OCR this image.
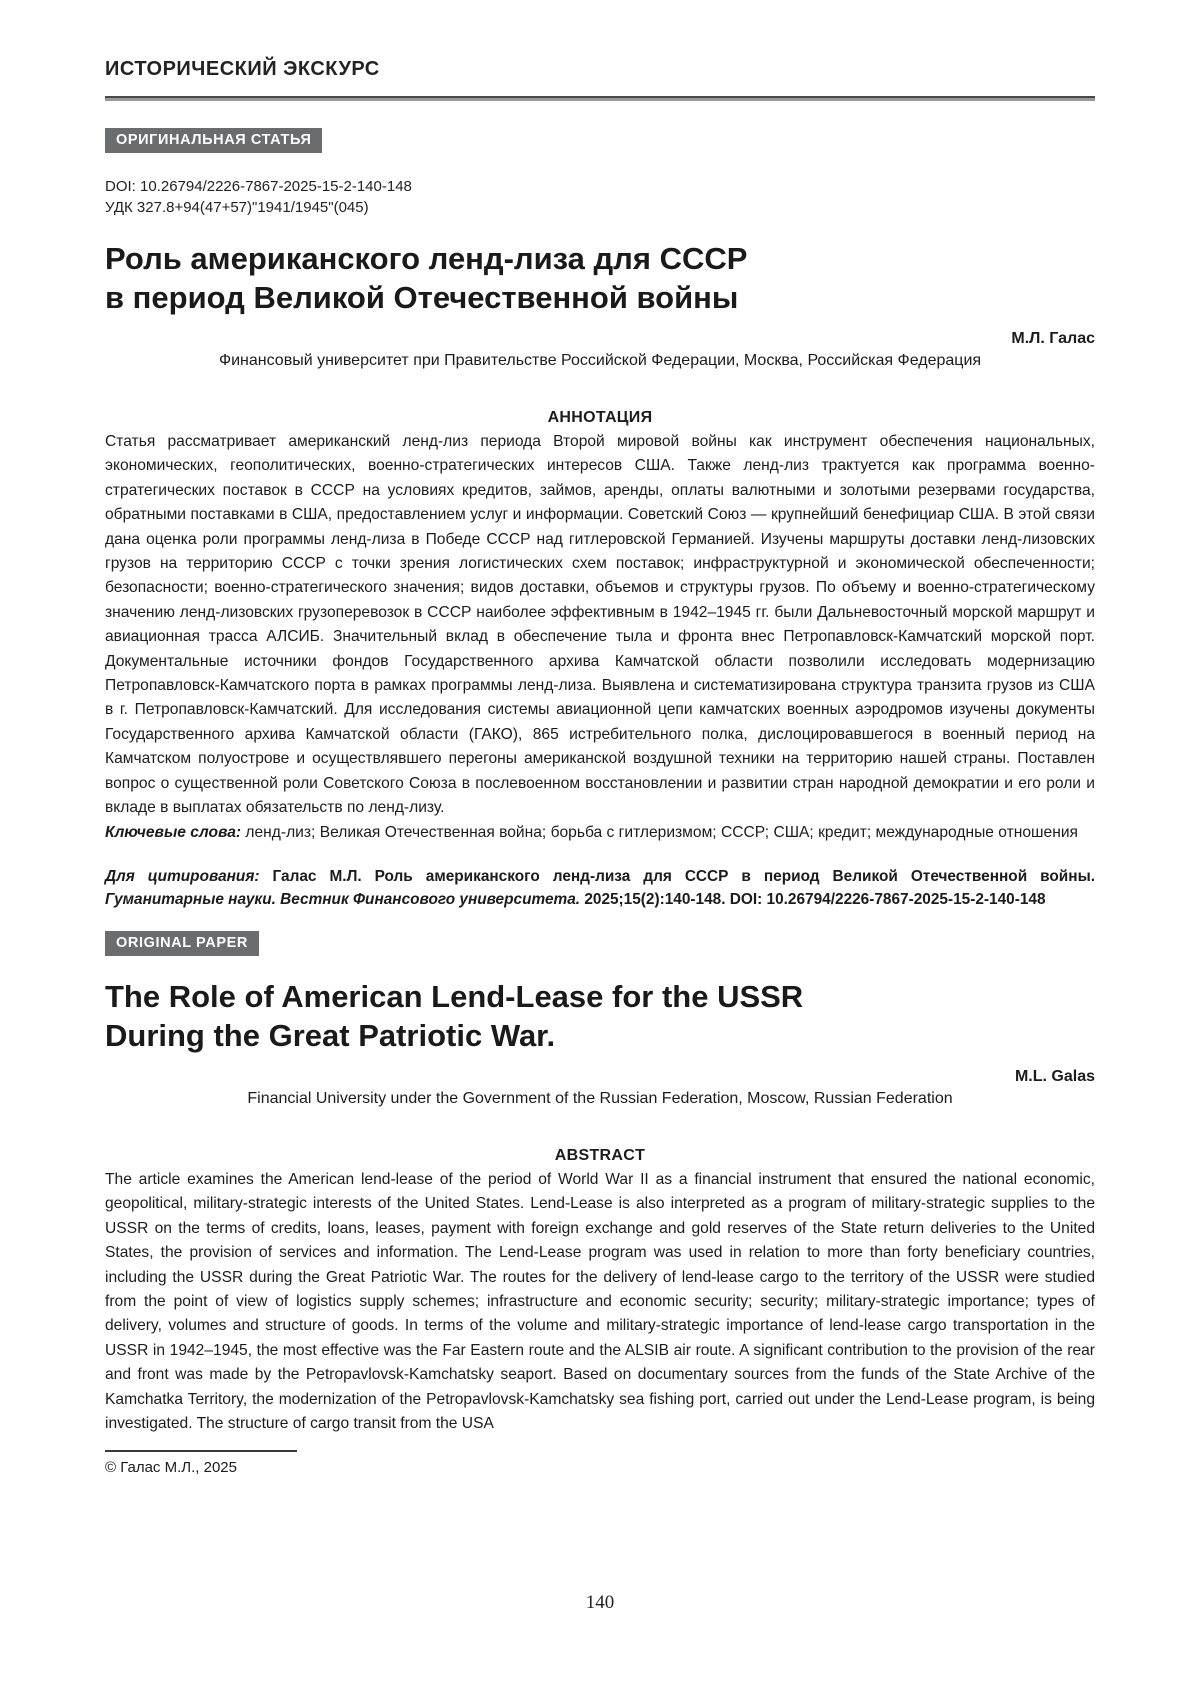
ИСТОРИЧЕСКИЙ ЭКСКУРС
ОРИГИНАЛЬНАЯ СТАТЬЯ
DOI: 10.26794/2226-7867-2025-15-2-140-148
УДК 327.8+94(47+57)"1941/1945"(045)
Роль американского ленд-лиза для СССР
в период Великой Отечественной войны
М.Л. Галас
Финансовый университет при Правительстве Российской Федерации, Москва, Российская Федерация
АННОТАЦИЯ

Статья рассматривает американский ленд-лиз периода Второй мировой войны как инструмент обеспечения национальных, экономических, геополитических, военно-стратегических интересов США. Также ленд-лиз трактуется как программа военно-стратегических поставок в СССР на условиях кредитов, займов, аренды, оплаты валютными и золотыми резервами государства, обратными поставками в США, предоставлением услуг и информации. Советский Союз — крупнейший бенефициар США. В этой связи дана оценка роли программы ленд-лиза в Победе СССР над гитлеровской Германией. Изучены маршруты доставки ленд-лизовских грузов на территорию СССР с точки зрения логистических схем поставок; инфраструктурной и экономической обеспеченности; безопасности; военно-стратегического значения; видов доставки, объемов и структуры грузов. По объему и военно-стратегическому значению ленд-лизовских грузоперевозок в СССР наиболее эффективным в 1942–1945 гг. были Дальневосточный морской маршрут и авиационная трасса АЛСИБ. Значительный вклад в обеспечение тыла и фронта внес Петропавловск-Камчатский морской порт. Документальные источники фондов Государственного архива Камчатской области позволили исследовать модернизацию Петропавловск-Камчатского порта в рамках программы ленд-лиза. Выявлена и систематизирована структура транзита грузов из США в г. Петропавловск-Камчатский. Для исследования системы авиационной цепи камчатских военных аэродромов изучены документы Государственного архива Камчатской области (ГАКО), 865 истребительного полка, дислоцировавшегося в военный период на Камчатском полуострове и осуществлявшего перегоны американской воздушной техники на территорию нашей страны. Поставлен вопрос о существенной роли Советского Союза в послевоенном восстановлении и развитии стран народной демократии и его роли и вкладе в выплатах обязательств по ленд-лизу.

Ключевые слова: ленд-лиз; Великая Отечественная война; борьба с гитлеризмом; СССР; США; кредит; международные отношения

Для цитирования: Галас М.Л. Роль американского ленд-лиза для СССР в период Великой Отечественной войны. Гуманитарные науки. Вестник Финансового университета. 2025;15(2):140-148. DOI: 10.26794/2226-7867-2025-15-2-140-148

ORIGINAL PAPER
The Role of American Lend-Lease for the USSR
During the Great Patriotic War.
M.L. Galas
Financial University under the Government of the Russian Federation, Moscow, Russian Federation
ABSTRACT

The article examines the American lend-lease of the period of World War II as a financial instrument that ensured the national economic, geopolitical, military-strategic interests of the United States. Lend-Lease is also interpreted as a program of military-strategic supplies to the USSR on the terms of credits, loans, leases, payment with foreign exchange and gold reserves of the State return deliveries to the United States, the provision of services and information. The Lend-Lease program was used in relation to more than forty beneficiary countries, including the USSR during the Great Patriotic War. The routes for the delivery of lend-lease cargo to the territory of the USSR were studied from the point of view of logistics supply schemes; infrastructure and economic security; security; military-strategic importance; types of delivery, volumes and structure of goods. In terms of the volume and military-strategic importance of lend-lease cargo transportation in the USSR in 1942–1945, the most effective was the Far Eastern route and the ALSIB air route. A significant contribution to the provision of the rear and front was made by the Petropavlovsk-Kamchatsky seaport. Based on documentary sources from the funds of the State Archive of the Kamchatka Territory, the modernization of the Petropavlovsk-Kamchatsky sea fishing port, carried out under the Lend-Lease program, is being investigated. The structure of cargo transit from the USA

© Галас М.Л., 2025
140
